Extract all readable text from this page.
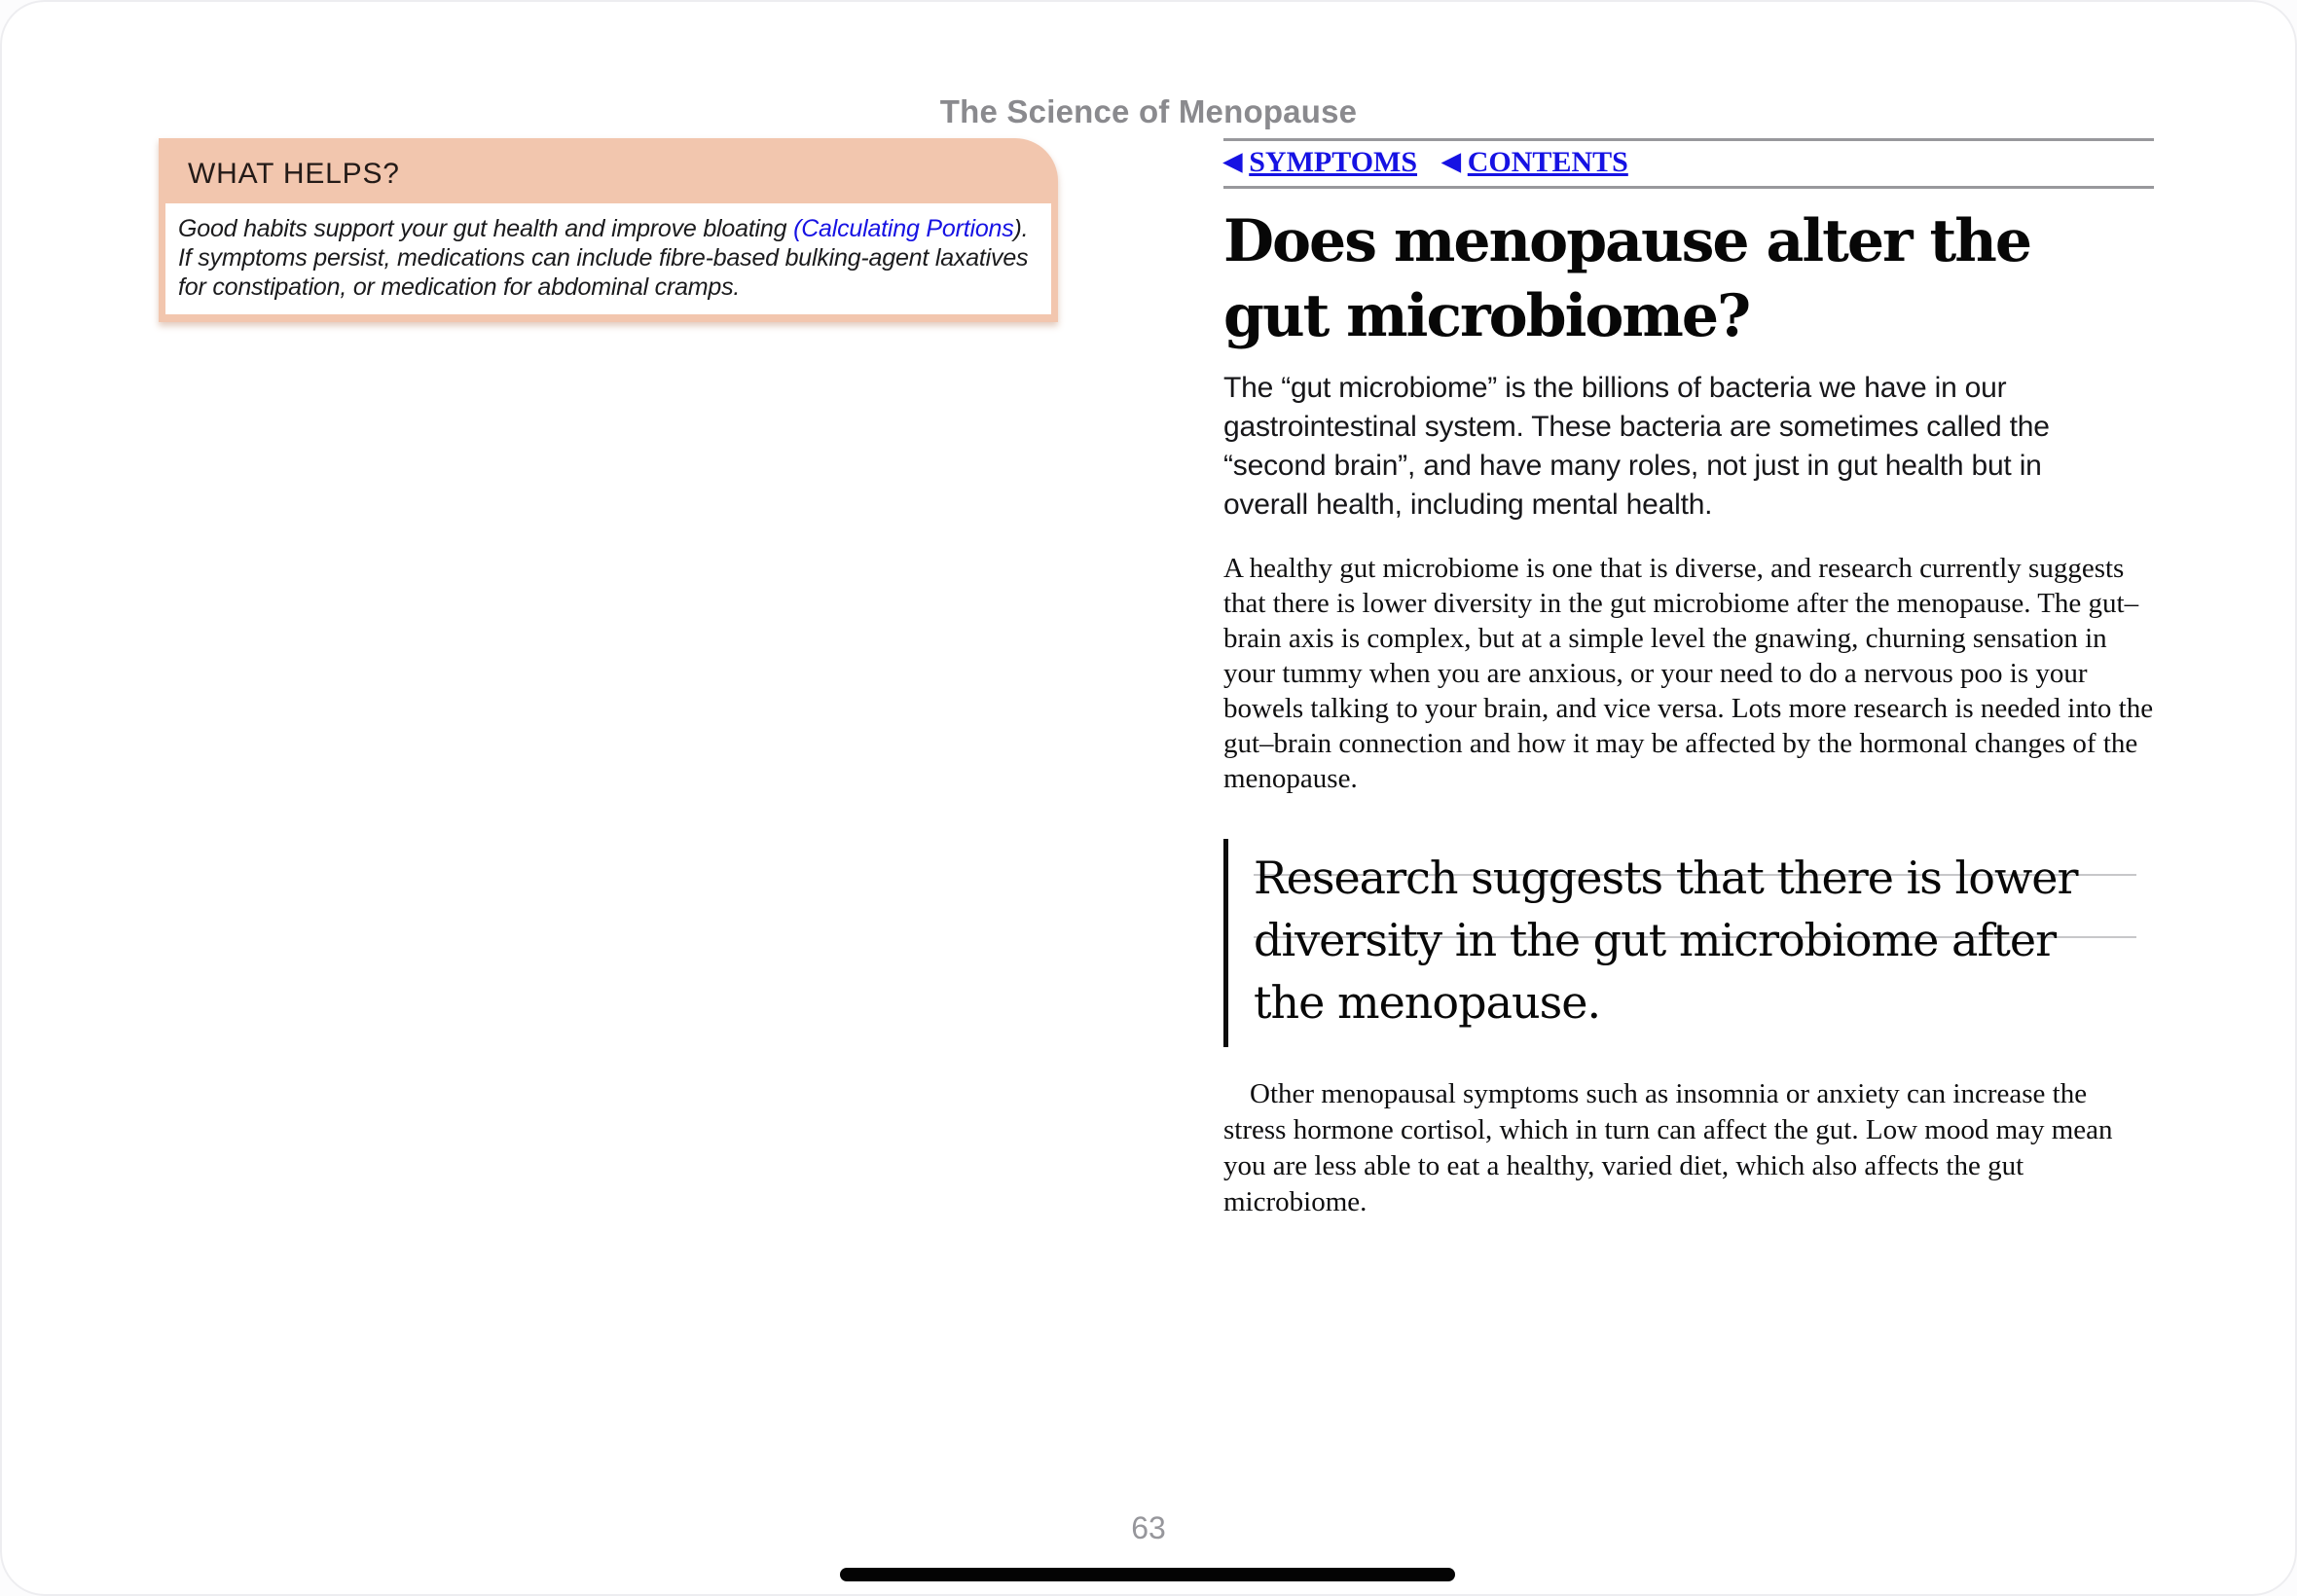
The Science of Menopause
WHAT HELPS?
Good habits support your gut health and improve bloating (Calculating Portions). If symptoms persist, medications can include fibre-based bulking-agent laxatives for constipation, or medication for abdominal cramps.
◀ SYMPTOMS ◀ CONTENTS
Does menopause alter the gut microbiome?

The “gut microbiome” is the billions of bacteria we have in our gastrointestinal system. These bacteria are sometimes called the “second brain”, and have many roles, not just in gut health but in overall health, including mental health.

A healthy gut microbiome is one that is diverse, and research currently suggests that there is lower diversity in the gut microbiome after the menopause. The gut–brain axis is complex, but at a simple level the gnawing, churning sensation in your tummy when you are anxious, or your need to do a nervous poo is your bowels talking to your brain, and vice versa. Lots more research is needed into the gut–brain connection and how it may be affected by the hormonal changes of the menopause.

Research suggests that there is lower diversity in the gut microbiome after the menopause.

Other menopausal symptoms such as insomnia or anxiety can increase the stress hormone cortisol, which in turn can affect the gut. Low mood may mean you are less able to eat a healthy, varied diet, which also affects the gut microbiome.

63
